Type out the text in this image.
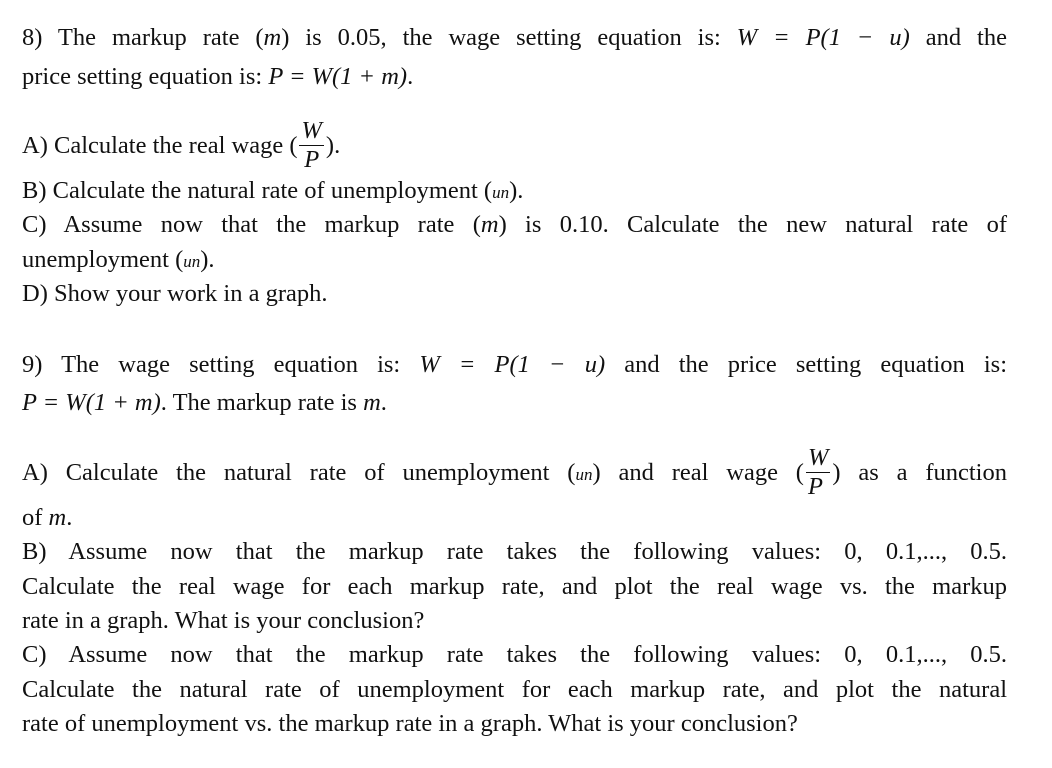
8) The markup rate (m) is 0.05, the wage setting equation is: W = P(1 − u) and the
price setting equation is: P = W(1 + m).
A) Calculate the real wage ( $\frac{W}{P}$ ).
B) Calculate the natural rate of unemployment (un).
C) Assume now that the markup rate (m) is 0.10. Calculate the new natural rate of
unemployment (un).
D) Show your work in a graph.
9) The wage setting equation is: W = P(1 − u) and the price setting equation is:
P = W(1 + m). The markup rate is m.
A) Calculate the natural rate of unemployment (un) and real wage ( $\frac{W}{P}$ ) as a function
of m.
B) Assume now that the markup rate takes the following values: 0, 0.1,..., 0.5.
Calculate the real wage for each markup rate, and plot the real wage vs. the markup
rate in a graph. What is your conclusion?
C) Assume now that the markup rate takes the following values: 0, 0.1,..., 0.5.
Calculate the natural rate of unemployment for each markup rate, and plot the natural
rate of unemployment vs. the markup rate in a graph. What is your conclusion?
